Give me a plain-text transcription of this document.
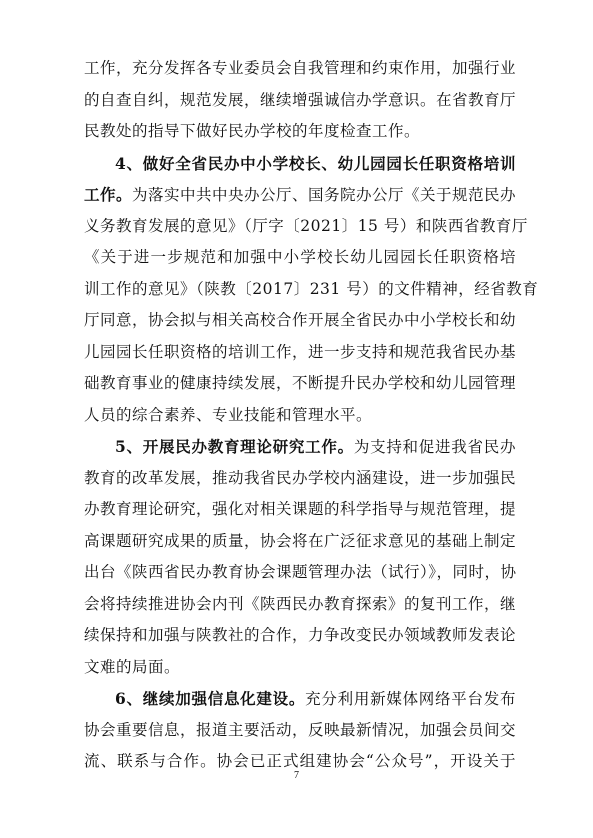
工作，充分发挥各专业委员会自我管理和约束作用，加强行业
的自查自纠，规范发展，继续增强诚信办学意识。在省教育厅
民教处的指导下做好民办学校的年度检查工作。
4、做好全省民办中小学校长、幼儿园园长任职资格培训
工作。为落实中共中央办公厅、国务院办公厅《关于规范民办
义务教育发展的意见》（厅字〔2021〕15 号）和陕西省教育厅
《关于进一步规范和加强中小学校长幼儿园园长任职资格培
训工作的意见》（陕教〔2017〕231 号）的文件精神，经省教育
厅同意，协会拟与相关高校合作开展全省民办中小学校长和幼
儿园园长任职资格的培训工作，进一步支持和规范我省民办基
础教育事业的健康持续发展，不断提升民办学校和幼儿园管理
人员的综合素养、专业技能和管理水平。
5、开展民办教育理论研究工作。为支持和促进我省民办
教育的改革发展，推动我省民办学校内涵建设，进一步加强民
办教育理论研究，强化对相关课题的科学指导与规范管理，提
高课题研究成果的质量，协会将在广泛征求意见的基础上制定
出台《陕西省民办教育协会课题管理办法（试行）》，同时，协
会将持续推进协会内刊《陕西民办教育探索》的复刊工作，继
续保持和加强与陕教社的合作，力争改变民办领域教师发表论
文难的局面。
6、继续加强信息化建设。充分利用新媒体网络平台发布
协会重要信息，报道主要活动，反映最新情况，加强会员间交
流、联系与合作。协会已正式组建协会“公众号”，开设关于
7
